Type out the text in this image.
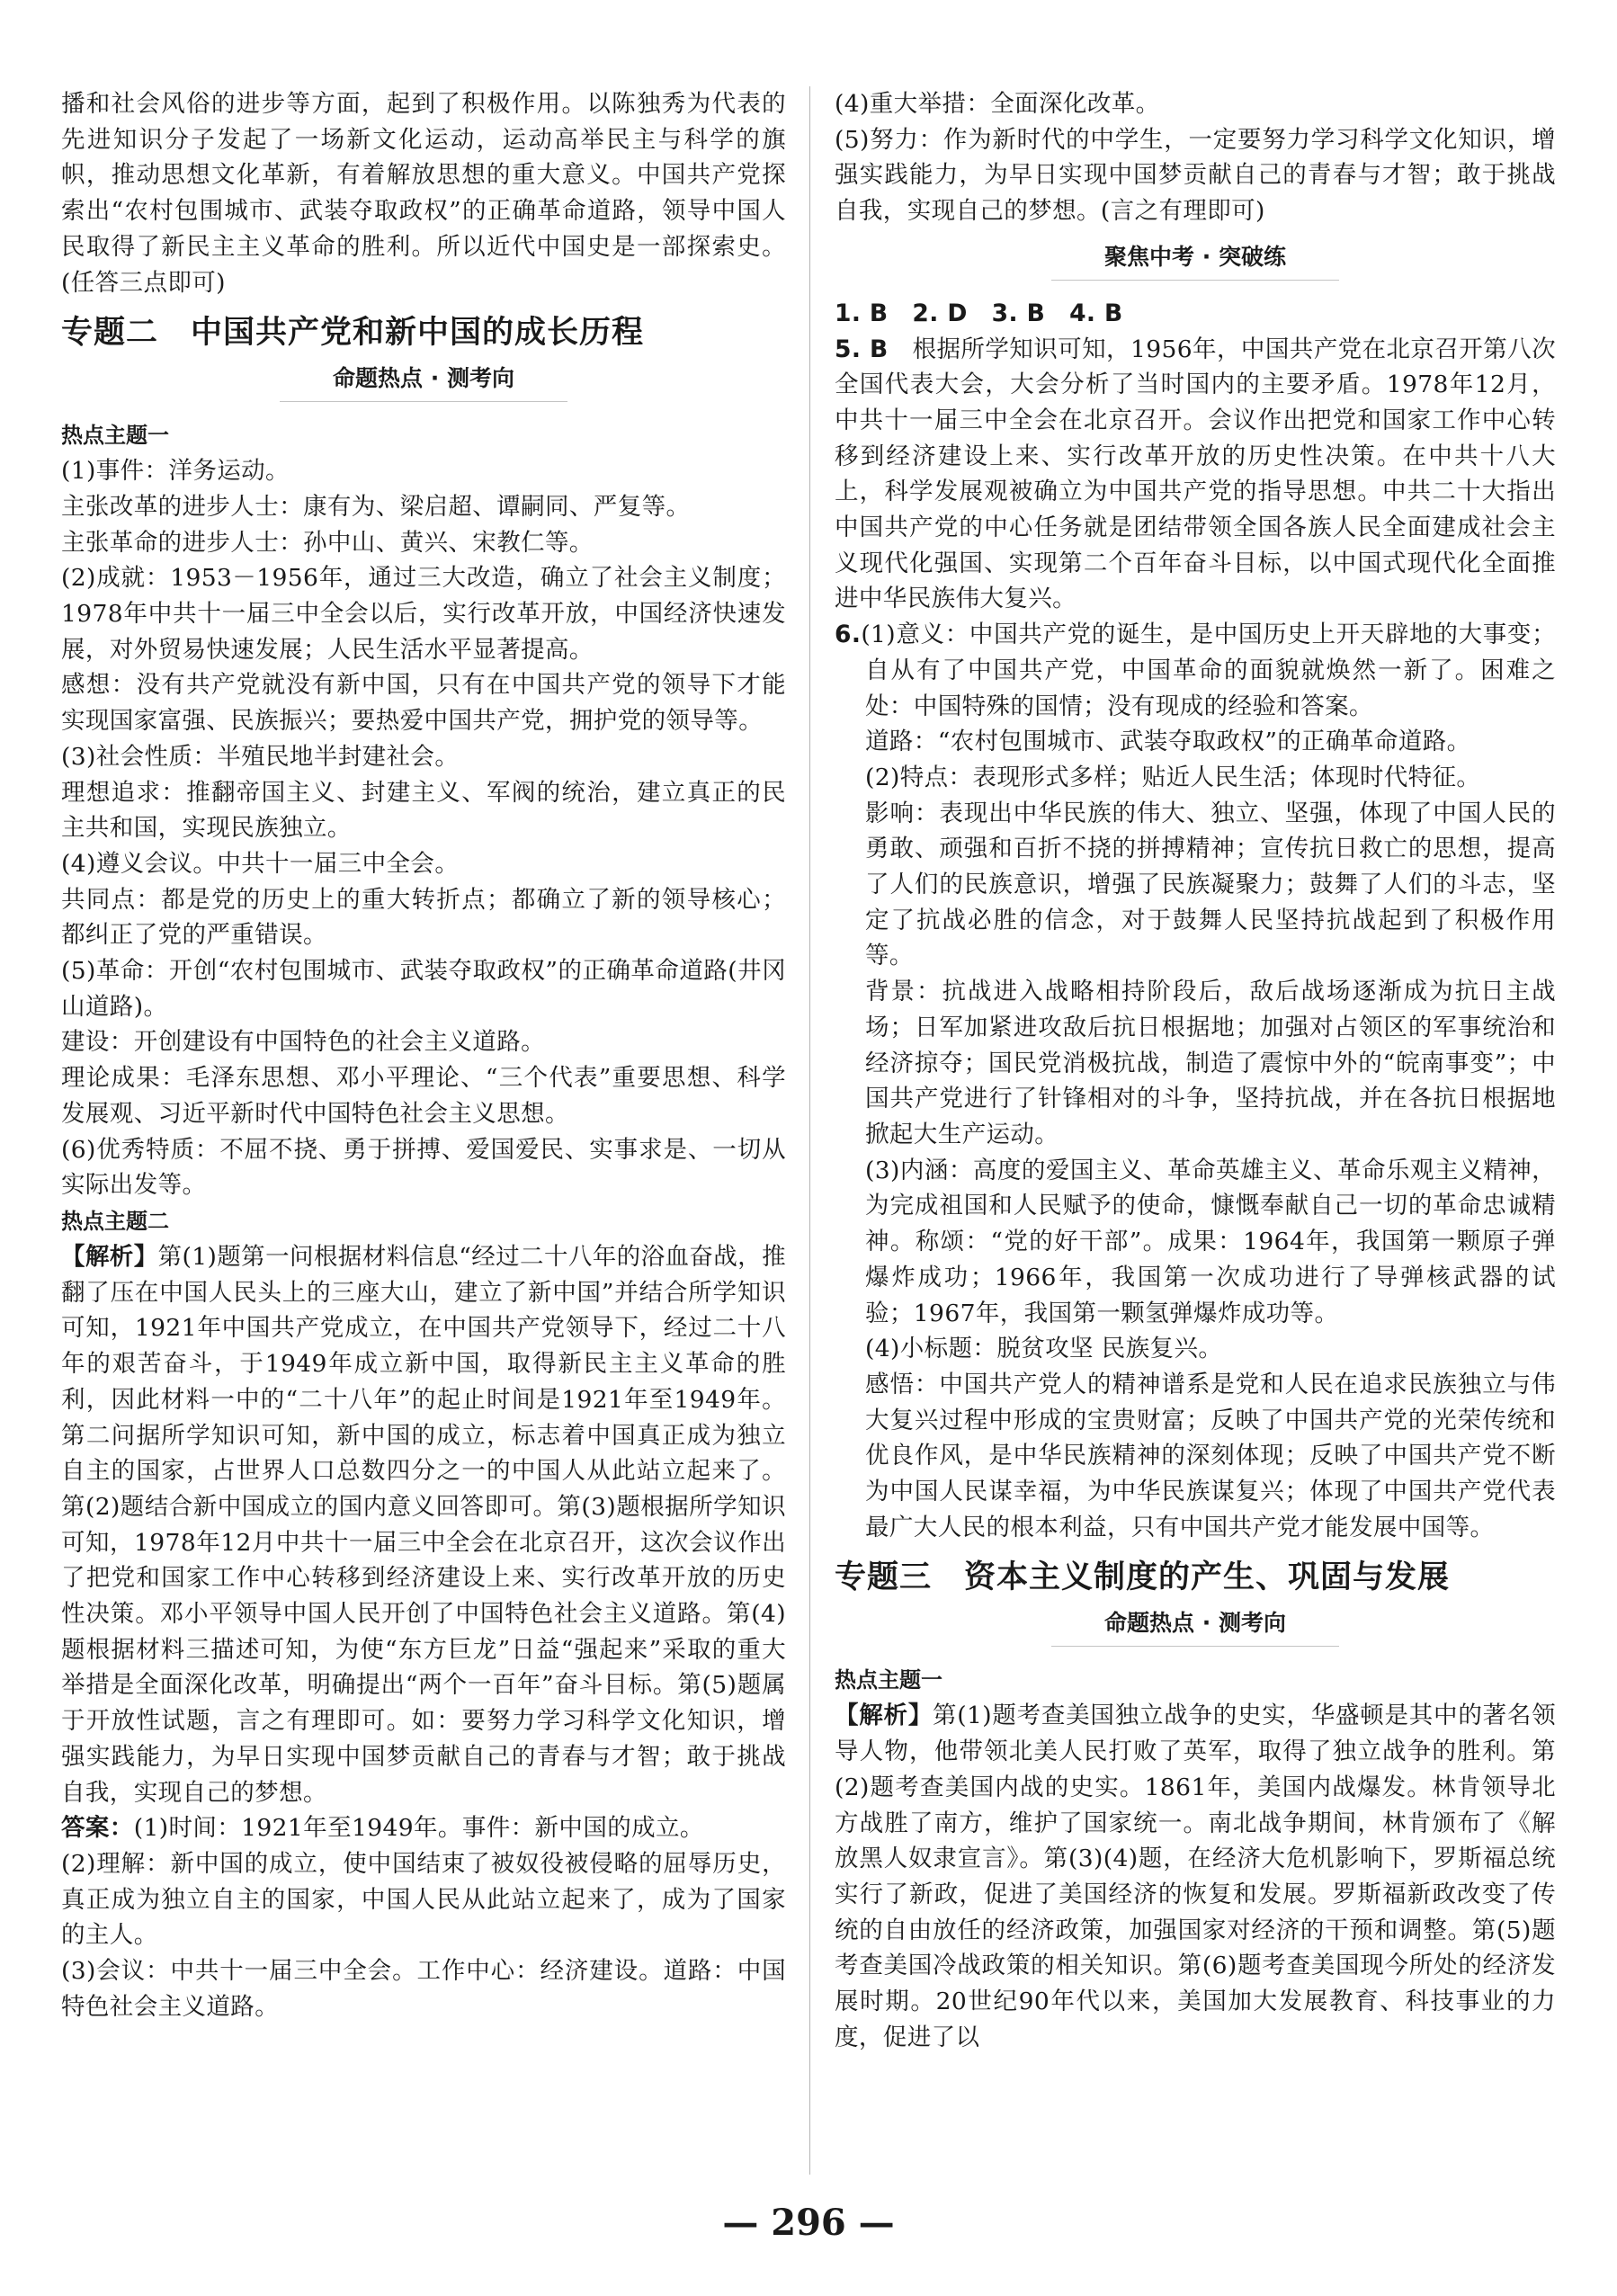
播和社会风俗的进步等方面，起到了积极作用。以陈独秀为代表的先进知识分子发起了一场新文化运动，运动高举民主与科学的旗帜，推动思想文化革新，有着解放思想的重大意义。中国共产党探索出“农村包围城市、武装夺取政权”的正确革命道路，领导中国人民取得了新民主主义革命的胜利。所以近代中国史是一部探索史。(任答三点即可)

专题二　中国共产党和新中国的成长历程
命题热点 · 测考向
热点主题一

(1)事件：洋务运动。

主张改革的进步人士：康有为、梁启超、谭嗣同、严复等。

主张革命的进步人士：孙中山、黄兴、宋教仁等。

(2)成就：1953－1956年，通过三大改造，确立了社会主义制度；1978年中共十一届三中全会以后，实行改革开放，中国经济快速发展，对外贸易快速发展；人民生活水平显著提高。

感想：没有共产党就没有新中国，只有在中国共产党的领导下才能实现国家富强、民族振兴；要热爱中国共产党，拥护党的领导等。

(3)社会性质：半殖民地半封建社会。

理想追求：推翻帝国主义、封建主义、军阀的统治，建立真正的民主共和国，实现民族独立。

(4)遵义会议。中共十一届三中全会。

共同点：都是党的历史上的重大转折点；都确立了新的领导核心；都纠正了党的严重错误。

(5)革命：开创“农村包围城市、武装夺取政权”的正确革命道路(井冈山道路)。

建设：开创建设有中国特色的社会主义道路。

理论成果：毛泽东思想、邓小平理论、“三个代表”重要思想、科学发展观、习近平新时代中国特色社会主义思想。

(6)优秀特质：不屈不挠、勇于拼搏、爱国爱民、实事求是、一切从实际出发等。

热点主题二

【解析】第(1)题第一问根据材料信息“经过二十八年的浴血奋战，推翻了压在中国人民头上的三座大山，建立了新中国”并结合所学知识可知，1921年中国共产党成立，在中国共产党领导下，经过二十八年的艰苦奋斗，于1949年成立新中国，取得新民主主义革命的胜利，因此材料一中的“二十八年”的起止时间是1921年至1949年。第二问据所学知识可知，新中国的成立，标志着中国真正成为独立自主的国家，占世界人口总数四分之一的中国人从此站立起来了。第(2)题结合新中国成立的国内意义回答即可。第(3)题根据所学知识可知，1978年12月中共十一届三中全会在北京召开，这次会议作出了把党和国家工作中心转移到经济建设上来、实行改革开放的历史性决策。邓小平领导中国人民开创了中国特色社会主义道路。第(4)题根据材料三描述可知，为使“东方巨龙”日益“强起来”采取的重大举措是全面深化改革，明确提出“两个一百年”奋斗目标。第(5)题属于开放性试题，言之有理即可。如：要努力学习科学文化知识，增强实践能力，为早日实现中国梦贡献自己的青春与才智；敢于挑战自我，实现自己的梦想。

答案：(1)时间：1921年至1949年。事件：新中国的成立。

(2)理解：新中国的成立，使中国结束了被奴役被侵略的屈辱历史，真正成为独立自主的国家，中国人民从此站立起来了，成为了国家的主人。

(3)会议：中共十一届三中全会。工作中心：经济建设。道路：中国特色社会主义道路。

(4)重大举措：全面深化改革。

(5)努力：作为新时代的中学生，一定要努力学习科学文化知识，增强实践能力，为早日实现中国梦贡献自己的青春与才智；敢于挑战自我，实现自己的梦想。(言之有理即可)

聚焦中考 · 突破练

1. B　2. D　3. B　4. B

5. B　 根据所学知识可知，1956年，中国共产党在北京召开第八次全国代表大会，大会分析了当时国内的主要矛盾。1978年12月，中共十一届三中全会在北京召开。会议作出把党和国家工作中心转移到经济建设上来、实行改革开放的历史性决策。在中共十八大上，科学发展观被确立为中国共产党的指导思想。中共二十大指出中国共产党的中心任务就是团结带领全国各族人民全面建成社会主义现代化强国、实现第二个百年奋斗目标，以中国式现代化全面推进中华民族伟大复兴。

6.(1)意义：中国共产党的诞生，是中国历史上开天辟地的大事变；自从有了中国共产党，中国革命的面貌就焕然一新了。困难之处：中国特殊的国情；没有现成的经验和答案。

道路：“农村包围城市、武装夺取政权”的正确革命道路。

(2)特点：表现形式多样；贴近人民生活；体现时代特征。

影响：表现出中华民族的伟大、独立、坚强，体现了中国人民的勇敢、顽强和百折不挠的拼搏精神；宣传抗日救亡的思想，提高了人们的民族意识，增强了民族凝聚力；鼓舞了人们的斗志，坚定了抗战必胜的信念，对于鼓舞人民坚持抗战起到了积极作用等。

背景：抗战进入战略相持阶段后，敌后战场逐渐成为抗日主战场；日军加紧进攻敌后抗日根据地；加强对占领区的军事统治和经济掠夺；国民党消极抗战，制造了震惊中外的“皖南事变”；中国共产党进行了针锋相对的斗争，坚持抗战，并在各抗日根据地掀起大生产运动。

(3)内涵：高度的爱国主义、革命英雄主义、革命乐观主义精神，为完成祖国和人民赋予的使命，慷慨奉献自己一切的革命忠诚精神。称颂：“党的好干部”。成果：1964年，我国第一颗原子弹爆炸成功；1966年，我国第一次成功进行了导弹核武器的试验；1967年，我国第一颗氢弹爆炸成功等。

(4)小标题：脱贫攻坚 民族复兴。

感悟：中国共产党人的精神谱系是党和人民在追求民族独立与伟大复兴过程中形成的宝贵财富；反映了中国共产党的光荣传统和优良作风，是中华民族精神的深刻体现；反映了中国共产党不断为中国人民谋幸福，为中华民族谋复兴；体现了中国共产党代表最广大人民的根本利益，只有中国共产党才能发展中国等。

专题三　资本主义制度的产生、巩固与发展
命题热点 · 测考向
热点主题一

【解析】第(1)题考查美国独立战争的史实，华盛顿是其中的著名领导人物，他带领北美人民打败了英军，取得了独立战争的胜利。第(2)题考查美国内战的史实。1861年，美国内战爆发。林肯领导北方战胜了南方，维护了国家统一。南北战争期间，林肯颁布了《解放黑人奴隶宣言》。第(3)(4)题，在经济大危机影响下，罗斯福总统实行了新政，促进了美国经济的恢复和发展。罗斯福新政改变了传统的自由放任的经济政策，加强国家对经济的干预和调整。第(5)题考查美国冷战政策的相关知识。第(6)题考查美国现今所处的经济发展时期。20世纪90年代以来，美国加大发展教育、科技事业的力度，促进了以

— 296 —
